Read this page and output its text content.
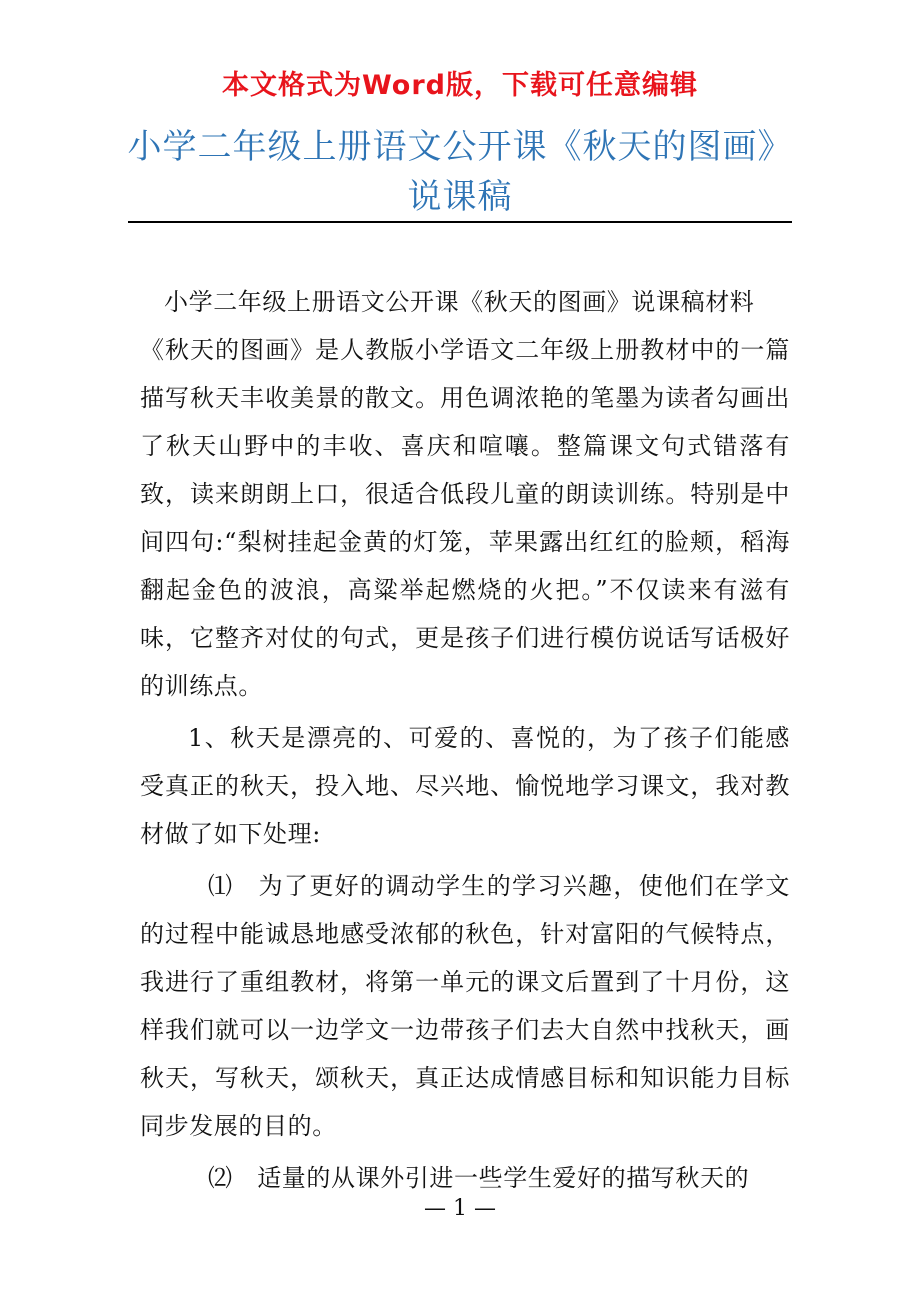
本文格式为Word版，下载可任意编辑
小学二年级上册语文公开课《秋天的图画》
说课稿

小学二年级上册语文公开课《秋天的图画》说课稿材料

《秋天的图画》是人教版小学语文二年级上册教材中的一篇描写秋天丰收美景的散文。用色调浓艳的笔墨为读者勾画出了秋天山野中的丰收、喜庆和喧嚷。整篇课文句式错落有致，读来朗朗上口，很适合低段儿童的朗读训练。特别是中间四句:“梨树挂起金黄的灯笼，苹果露出红红的脸颊，稻海翻起金色的波浪，高粱举起燃烧的火把。”不仅读来有滋有味，它整齐对仗的句式，更是孩子们进行模仿说话写话极好的训练点。

1、秋天是漂亮的、可爱的、喜悦的，为了孩子们能感受真正的秋天，投入地、尽兴地、愉悦地学习课文，我对教材做了如下处理:

⑴　为了更好的调动学生的学习兴趣，使他们在学文的过程中能诚恳地感受浓郁的秋色，针对富阳的气候特点，我进行了重组教材，将第一单元的课文后置到了十月份，这样我们就可以一边学文一边带孩子们去大自然中找秋天，画秋天，写秋天，颂秋天，真正达成情感目标和知识能力目标同步发展的目的。

⑵　适量的从课外引进一些学生爱好的描写秋天的

— 1 —
